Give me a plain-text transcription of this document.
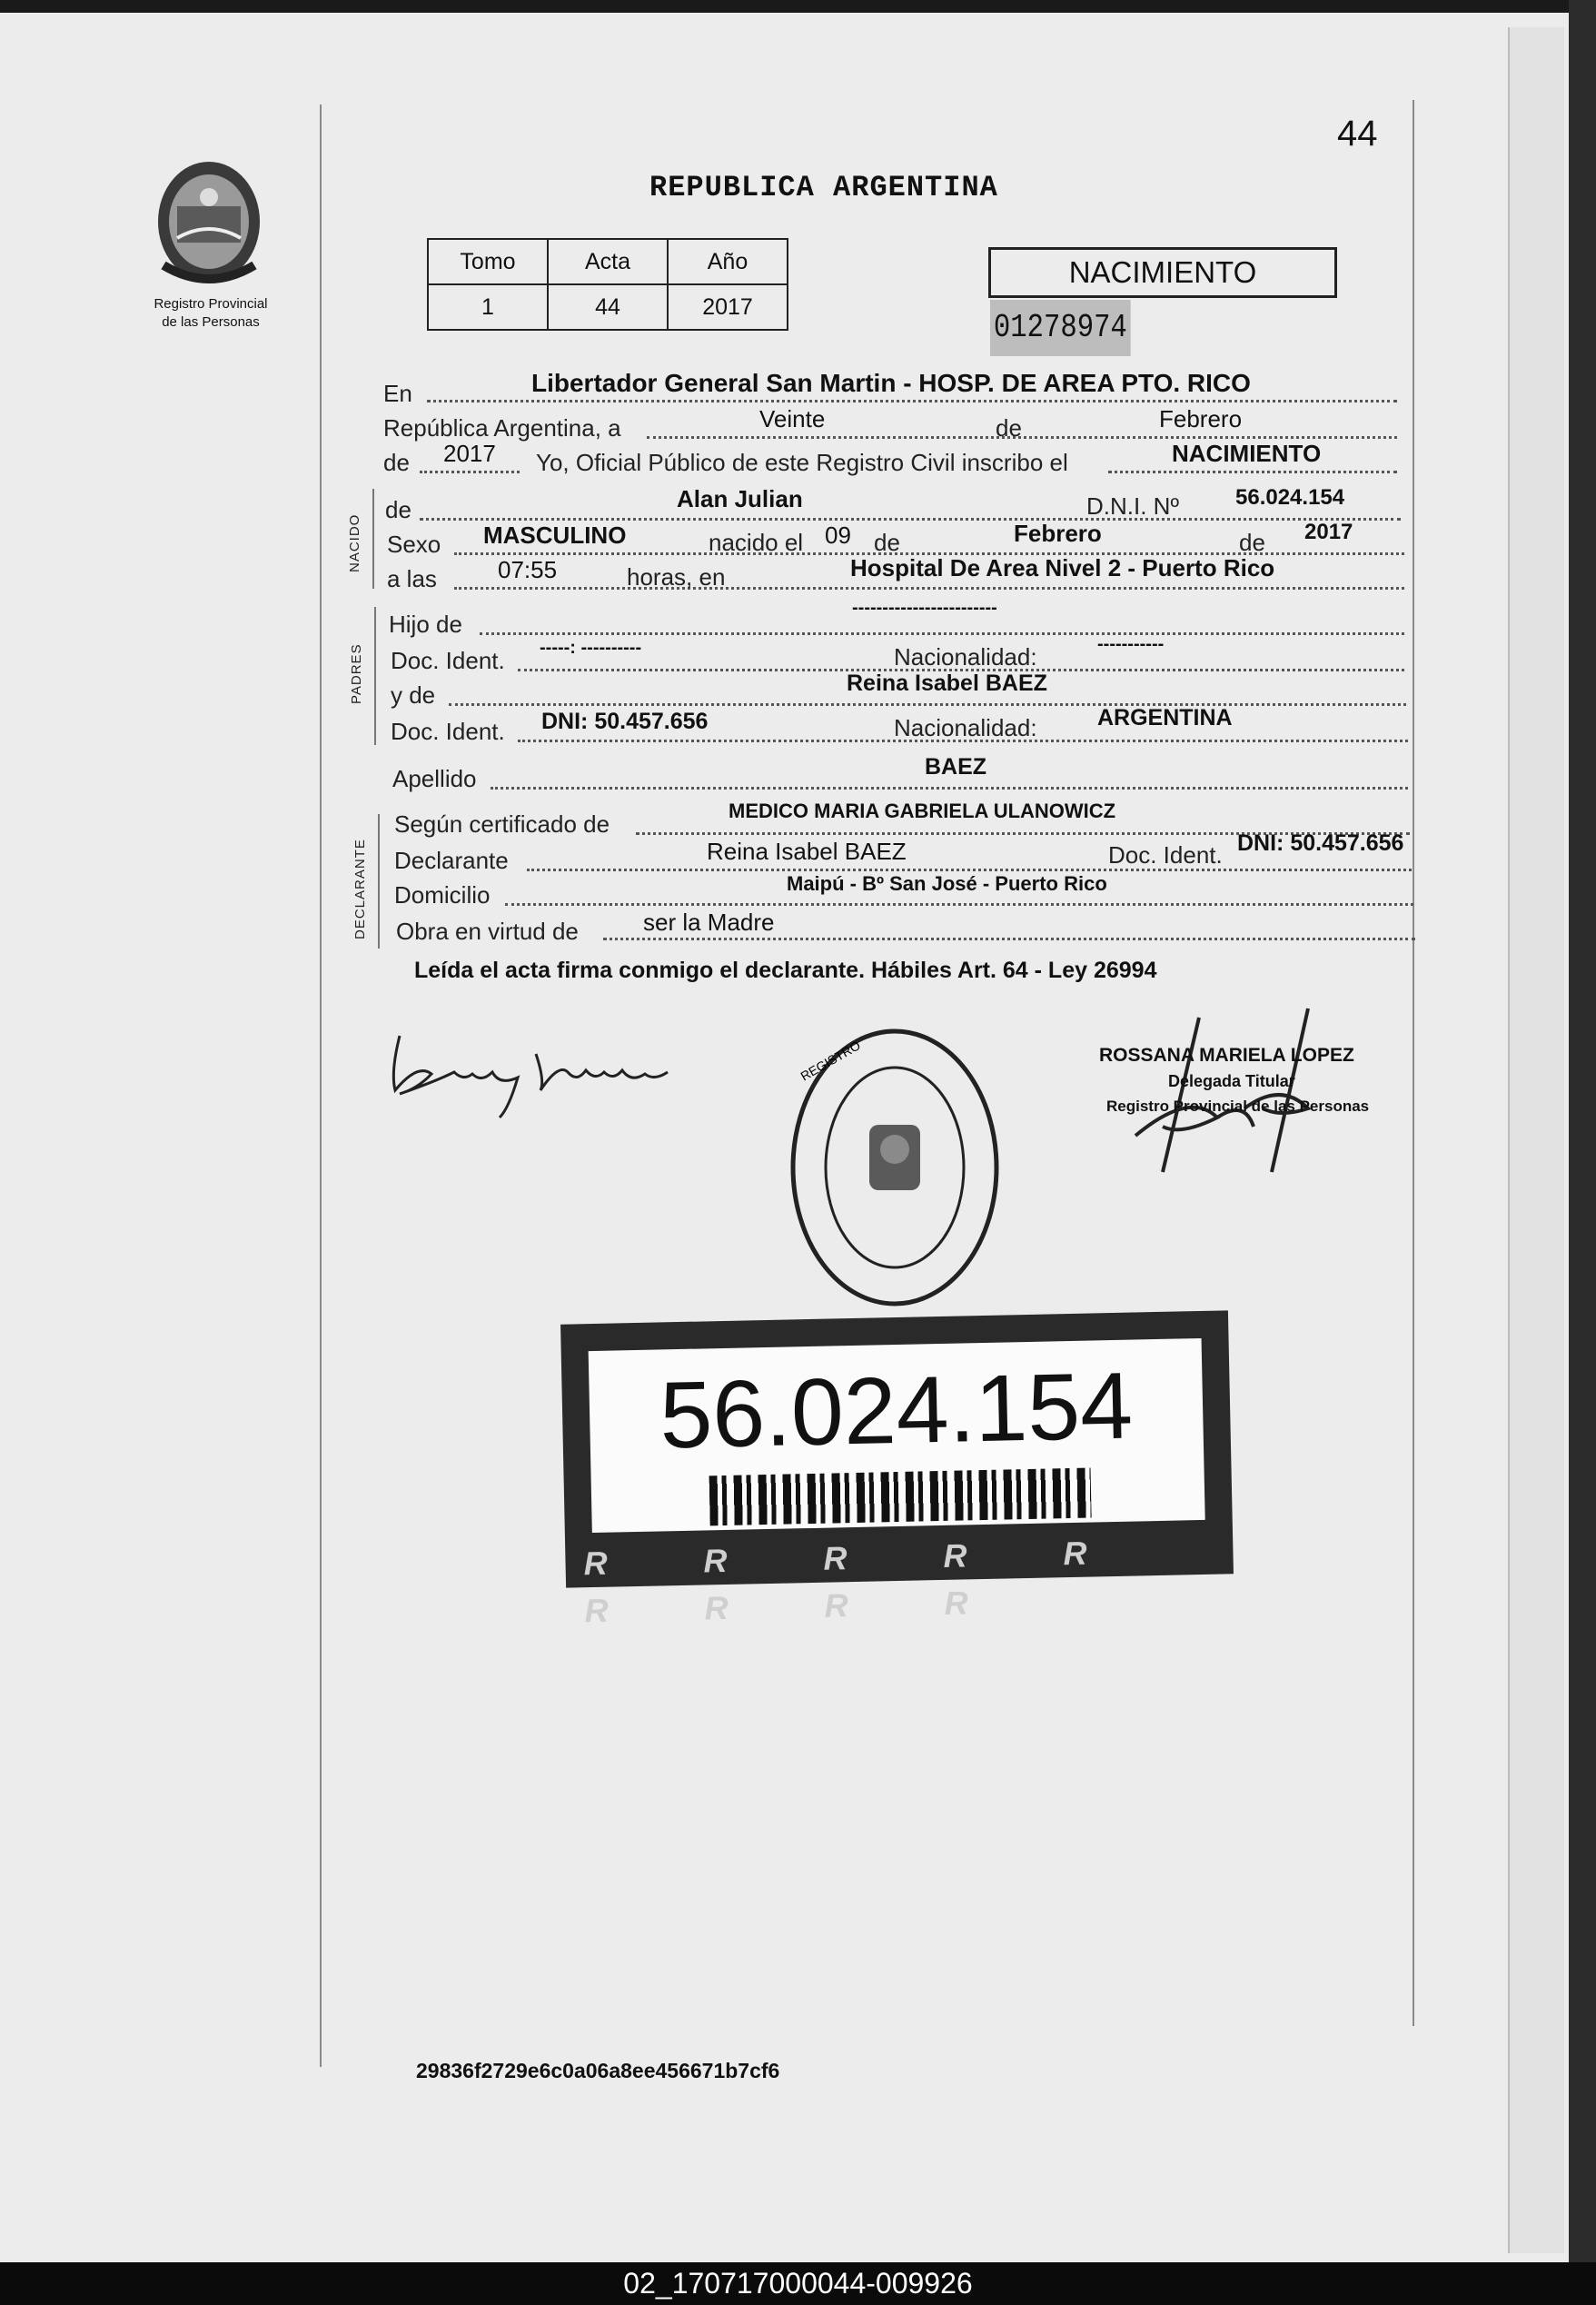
44
Registro Provincial
de las Personas
REPUBLICA ARGENTINA
Tomo	Acta	Año
1	44	2017
NACIMIENTO
01278974
En	Libertador General San Martin - HOSP. DE AREA PTO. RICO
República Argentina, a	Veinte	de	Febrero
de 2017 Yo, Oficial Público de este Registro Civil inscribo el	NACIMIENTO
NACIDO
de	Alan Julian	D.N.I. Nº	56.024.154
Sexo MASCULINO	nacido el 09 de	Febrero	de 2017
a las	07:55	horas, en	Hospital De Area Nivel 2 - Puerto Rico
PADRES
Hijo de
------------------------
Doc. Ident. -----: ----------	Nacionalidad:	-----------
y de	Reina Isabel BAEZ
Doc. Ident. DNI: 50.457.656	Nacionalidad:	ARGENTINA
Apellido	BAEZ
DECLARANTE
Según certificado de	MEDICO MARIA GABRIELA ULANOWICZ
Declarante	Reina Isabel BAEZ	Doc. Ident. DNI: 50.457.656
Domicilio	Maipú - Bº San José - Puerto Rico
Obra en virtud de	ser la Madre
Leída el acta firma conmigo el declarante. Hábiles Art. 64 - Ley 26994
REGISTRO	ROSSANA MARIELA LOPEZ
Delegada Titular
Registro Provincial de las Personas
56.024.154
R R R R R R R R R
29836f2729e6c0a06a8ee456671b7cf6
02_170717000044-009926
